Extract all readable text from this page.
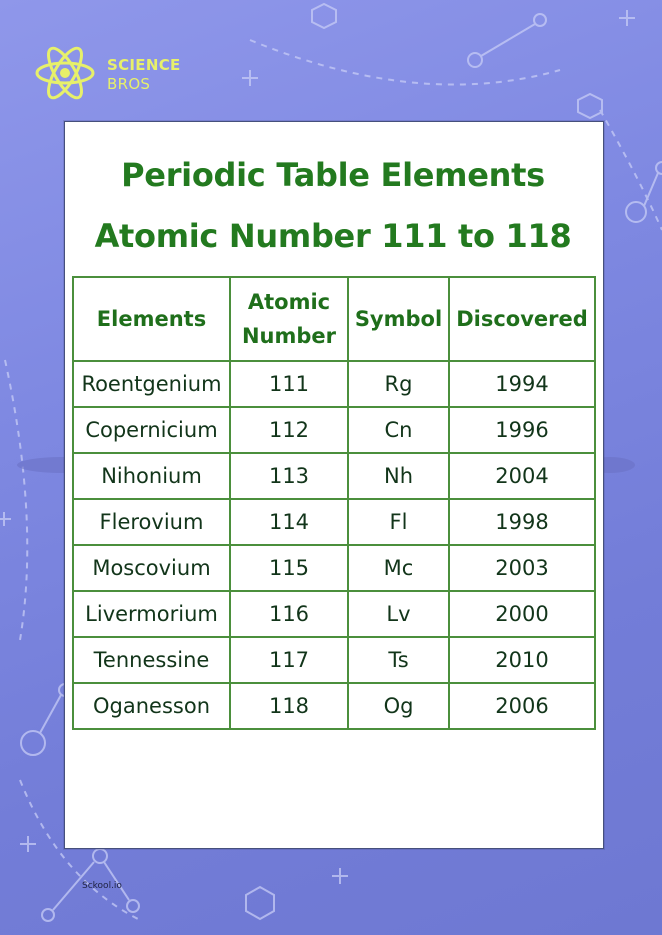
SCIENCE
BROS
Periodic Table Elements
Atomic Number 111 to 118
Elements	Atomic Number	Symbol	Discovered
Roentgenium	111	Rg	1994
Copernicium	112	Cn	1996
Nihonium	113	Nh	2004
Flerovium	114	Fl	1998
Moscovium	115	Mc	2003
Livermorium	116	Lv	2000
Tennessine	117	Ts	2010
Oganesson	118	Og	2006
Sckool.io
